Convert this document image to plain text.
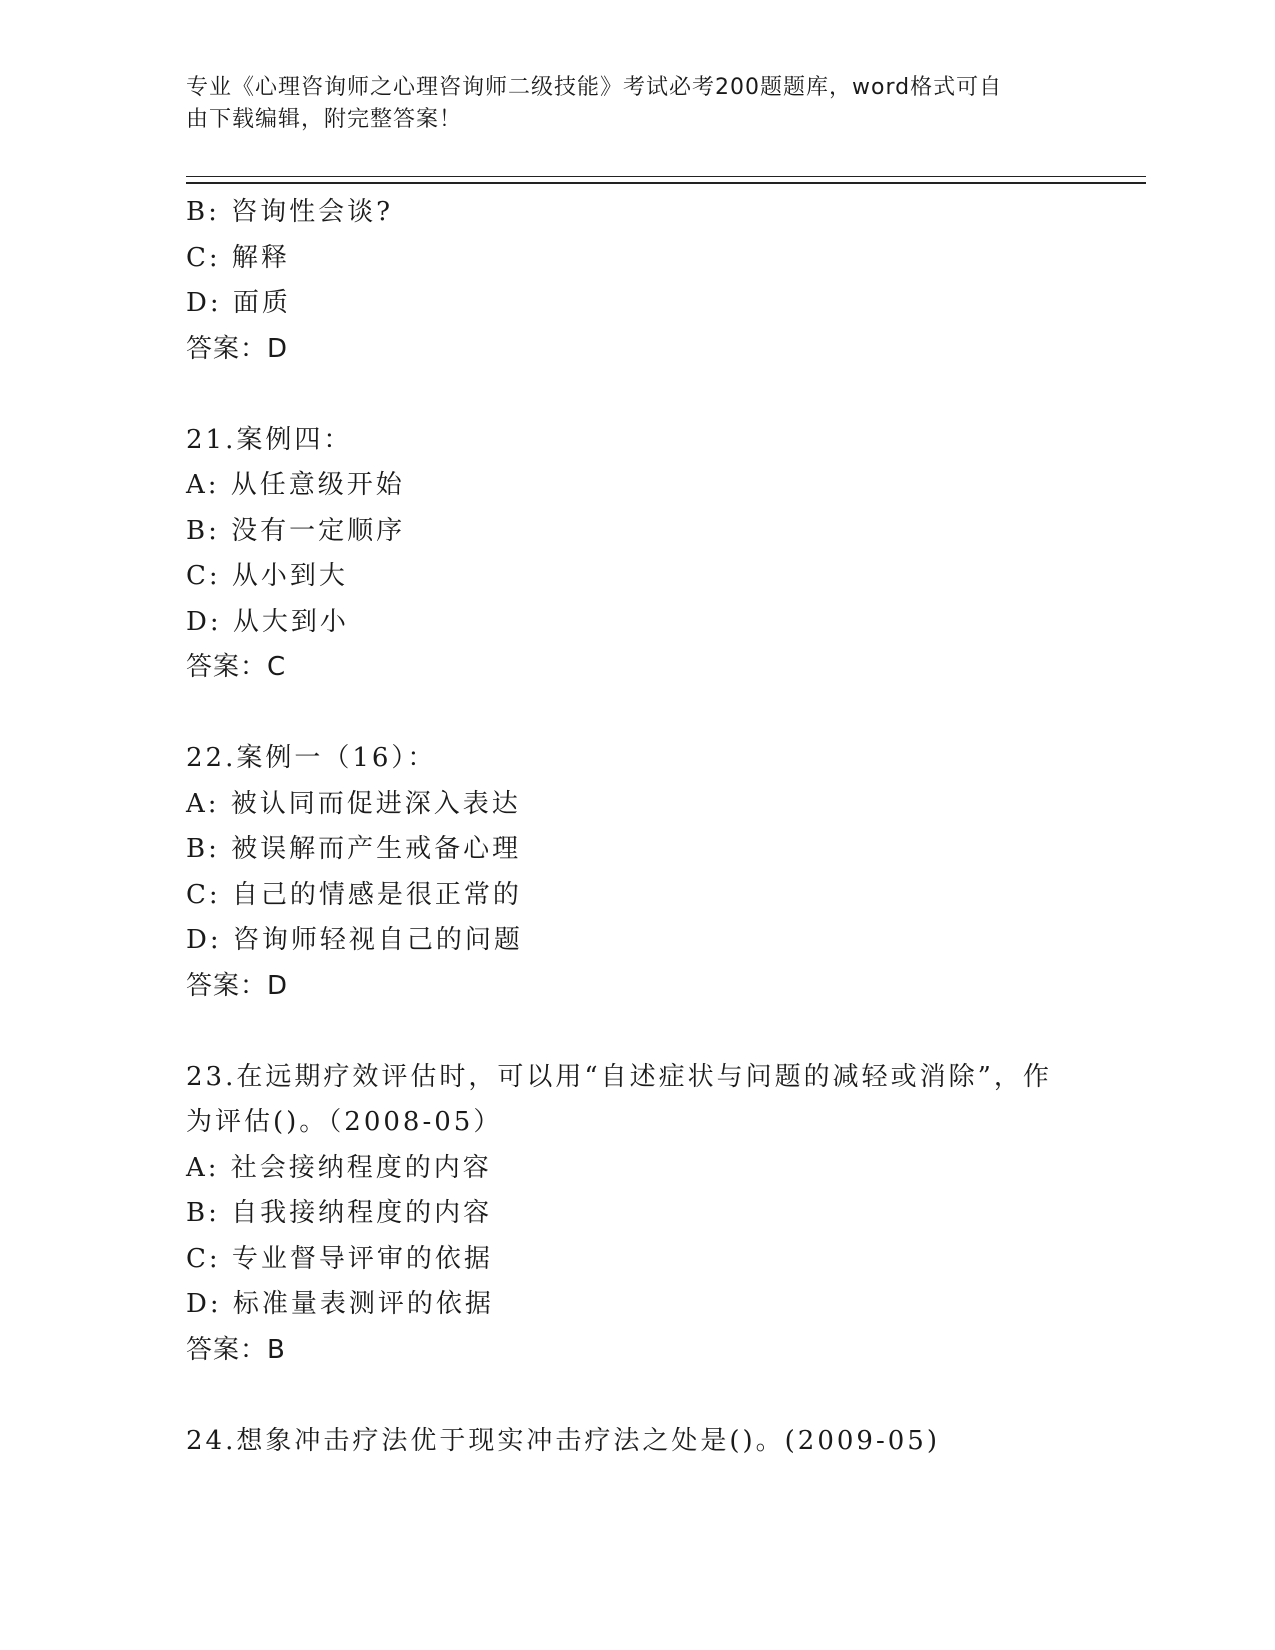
专业《心理咨询师之心理咨询师二级技能》考试必考200题题库，word格式可自
由下载编辑，附完整答案！
B: 咨询性会谈?
C: 解释
D: 面质
答案：D
21.案例四：
A: 从任意级开始
B: 没有一定顺序
C: 从小到大
D: 从大到小
答案：C
22.案例一（16）：
A: 被认同而促进深入表达
B: 被误解而产生戒备心理
C: 自己的情感是很正常的
D: 咨询师轻视自己的问题
答案：D
23.在远期疗效评估时，可以用“自述症状与问题的减轻或消除”，作
为评估()。（2008-05）
A: 社会接纳程度的内容
B: 自我接纳程度的内容
C: 专业督导评审的依据
D: 标准量表测评的依据
答案：B
24.想象冲击疗法优于现实冲击疗法之处是()。(2009-05)
